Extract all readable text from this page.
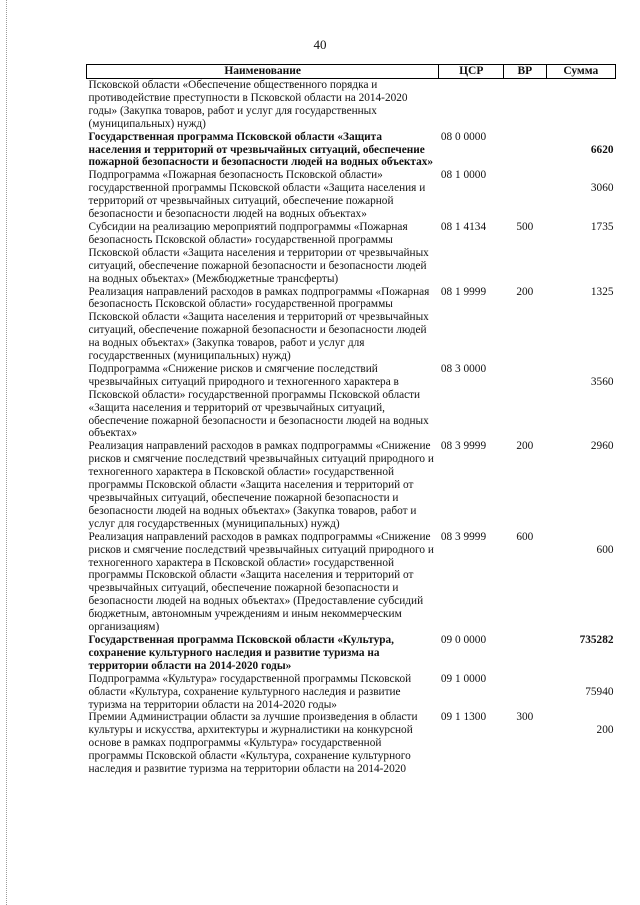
40
Наименование	ЦСР	ВР	Сумма
Псковской области «Обеспечение общественного порядка и противодействие преступности в Псковской области на 2014-2020 годы» (Закупка товаров, работ и услуг для государственных (муниципальных) нужд)			
Государственная программа Псковской области «Защита населения и территорий от чрезвычайных ситуаций, обеспечение пожарной безопасности и безопасности людей на водных объектах»	08 0 0000		6620
Подпрограмма «Пожарная безопасность Псковской области» государственной программы Псковской области «Защита населения и территорий от чрезвычайных ситуаций, обеспечение пожарной безопасности и безопасности людей на водных объектах»	08 1 0000		3060
Субсидии на реализацию мероприятий подпрограммы «Пожарная безопасность Псковской области» государственной программы Псковской области «Защита населения и территории от чрезвычайных ситуаций, обеспечение пожарной безопасности и безопасности людей на водных объектах» (Межбюджетные трансферты)	08 1 4134	500	1735
Реализация направлений расходов в рамках подпрограммы «Пожарная безопасность Псковской области» государственной программы Псковской области «Защита населения и территорий от чрезвычайных ситуаций, обеспечение пожарной безопасности и безопасности людей на водных объектах» (Закупка товаров, работ и услуг для государственных (муниципальных) нужд)	08 1 9999	200	1325
Подпрограмма «Снижение рисков и смягчение последствий чрезвычайных ситуаций природного и техногенного характера в Псковской области» государственной программы Псковской области «Защита населения и территорий от чрезвычайных ситуаций, обеспечение пожарной безопасности и безопасности людей на водных объектах»	08 3 0000		3560
Реализация направлений расходов в рамках подпрограммы «Снижение рисков и смягчение последствий чрезвычайных ситуаций природного и техногенного характера в Псковской области» государственной программы Псковской области «Защита населения и территорий от чрезвычайных ситуаций, обеспечение пожарной безопасности и безопасности людей на водных объектах» (Закупка товаров, работ и услуг для государственных (муниципальных) нужд)	08 3 9999	200	2960
Реализация направлений расходов в рамках подпрограммы «Снижение рисков и смягчение последствий чрезвычайных ситуаций природного и техногенного характера в Псковской области» государственной программы Псковской области «Защита населения и территорий от чрезвычайных ситуаций, обеспечение пожарной безопасности и безопасности людей на водных объектах» (Предоставление субсидий бюджетным, автономным учреждениям и иным некоммерческим организациям)	08 3 9999	600	600
Государственная программа Псковской области «Культура, сохранение культурного наследия и развитие туризма на территории области на 2014-2020 годы»	09 0 0000		735282
Подпрограмма «Культура» государственной программы Псковской области «Культура, сохранение культурного наследия и развитие туризма на территории области на 2014-2020 годы»	09 1 0000		75940
Премии Администрации области за лучшие произведения в области культуры и искусства, архитектуры и журналистики на конкурсной основе в рамках подпрограммы «Культура» государственной программы Псковской области «Культура, сохранение культурного наследия и развитие туризма на территории области на 2014-2020	09 1 1300	300	200
